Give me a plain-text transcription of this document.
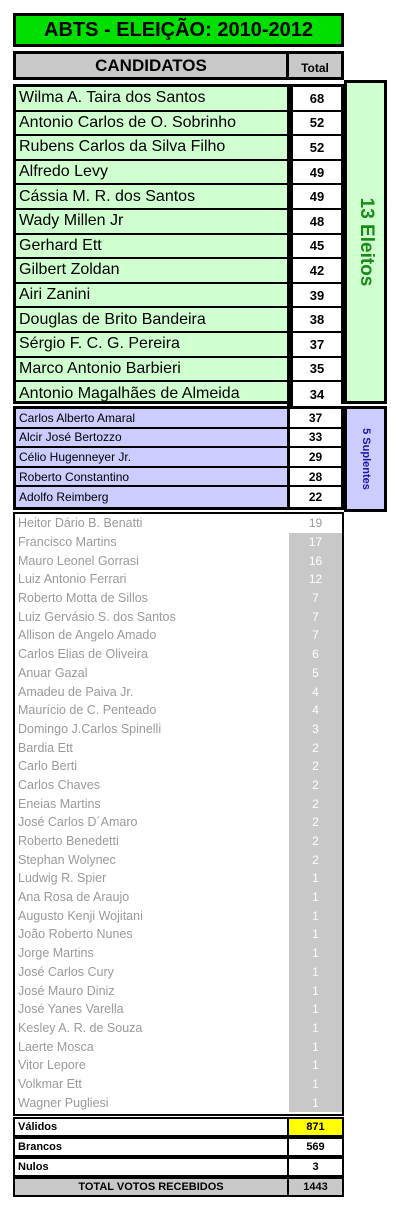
ABTS - ELEIÇÃO: 2010-2012
CANDIDATOS	Total
Wilma A. Taira dos Santos	68
Antonio Carlos de O. Sobrinho	52
Rubens Carlos da Silva Filho	52
Alfredo Levy	49
Cássia M. R. dos Santos	49
Wady Millen Jr	48
Gerhard Ett	45
Gilbert Zoldan	42
Airi Zanini	39
Douglas de Brito Bandeira	38
Sérgio F. C. G. Pereira	37
Marco Antonio Barbieri	35
Antonio Magalhães de Almeida	34
13 Eleitos
Carlos Alberto Amaral	37
Alcir José Bertozzo	33
Célio Hugenneyer Jr.	29
Roberto Constantino	28
Adolfo Reimberg	22
5 Suplentes
Heitor Dário B. Benatti	19
Francisco Martins	17
Mauro Leonel Gorrasi	16
Luiz Antonio Ferrari	12
Roberto Motta de Sillos	7
Luiz Gervásio S. dos Santos	7
Allison de Angelo Amado	7
Carlos Elias de Oliveira	6
Anuar Gazal	5
Amadeu de Paiva Jr.	4
Maurício de C. Penteado	4
Domingo J.Carlos Spinelli	3
Bardia Ett	2
Carlo Berti	2
Carlos Chaves	2
Eneias Martins	2
José Carlos D´Amaro	2
Roberto Benedetti	2
Stephan Wolynec	2
Ludwig R. Spier	1
Ana Rosa de Araujo	1
Augusto Kenji Wojitani	1
João Roberto Nunes	1
Jorge Martins	1
José Carlos Cury	1
José Mauro Diniz	1
José Yanes Varella	1
Kesley A. R. de Souza	1
Laerte Mosca	1
Vitor Lepore	1
Volkmar Ett	1
Wagner Pugliesi	1
Válidos	871
Brancos	569
Nulos	3
TOTAL VOTOS RECEBIDOS	1443
